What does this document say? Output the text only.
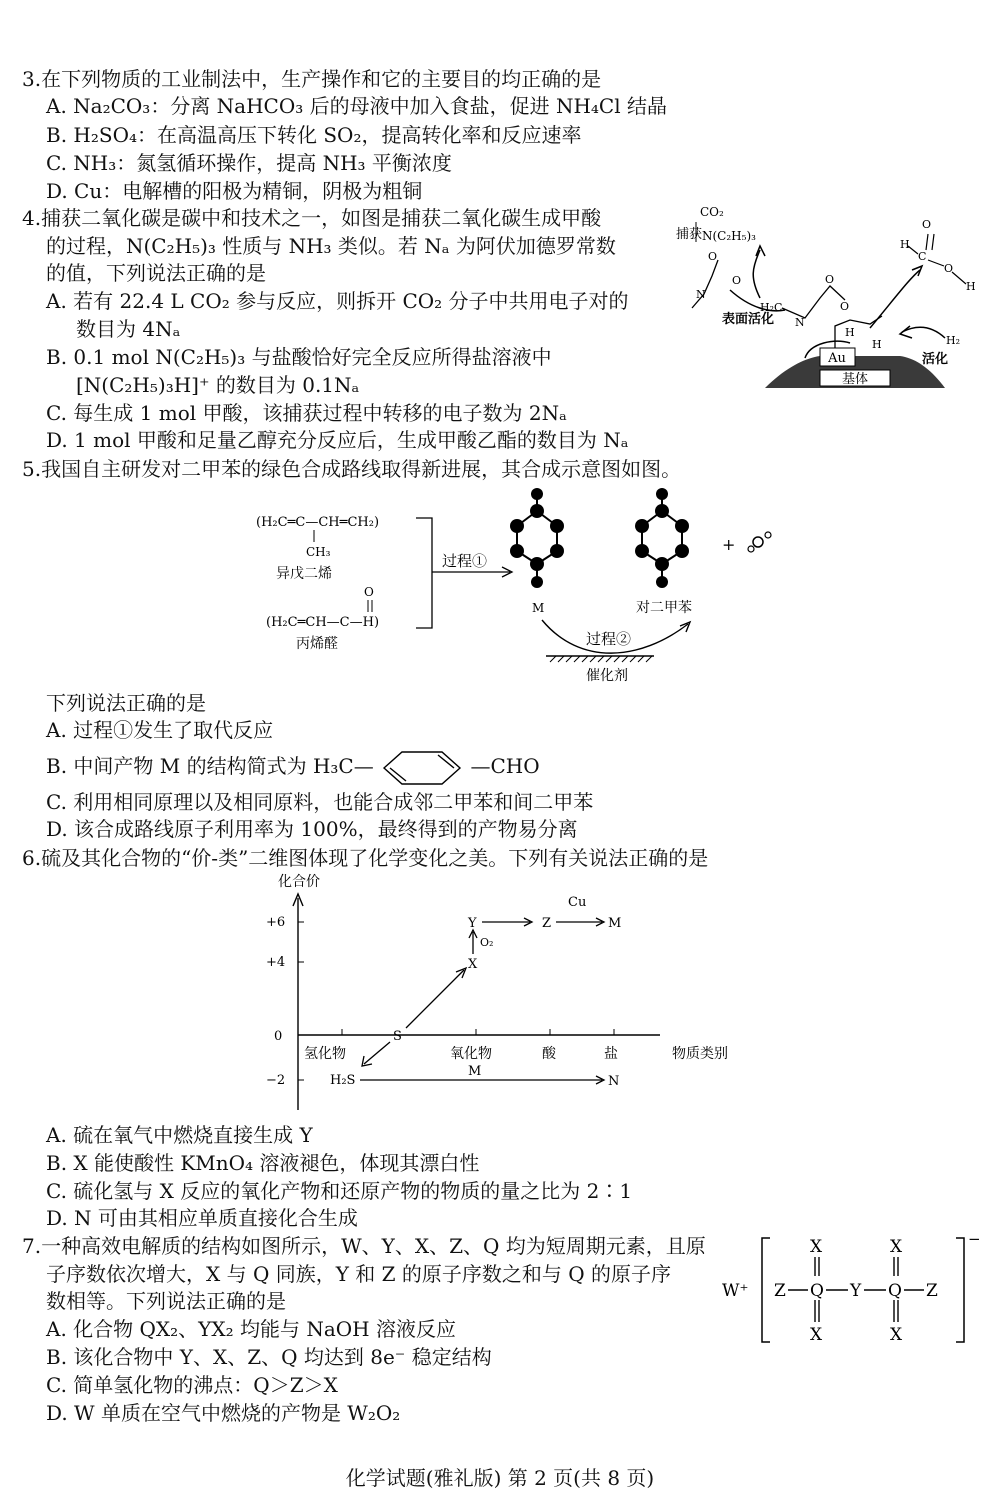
3.在下列物质的工业制法中，生产操作和它的主要目的均正确的是
A. Na₂CO₃：分离 NaHCO₃ 后的母液中加入食盐，促进 NH₄Cl 结晶
B. H₂SO₄：在高温高压下转化 SO₂，提高转化率和反应速率
C. NH₃：氮氢循环操作，提高 NH₃ 平衡浓度
D. Cu：电解槽的阳极为精铜，阴极为粗铜
4.捕获二氧化碳是碳中和技术之一，如图是捕获二氧化碳生成甲酸
的过程，N(C₂H₅)₃ 性质与 NH₃ 类似。若 Nₐ 为阿伏加德罗常数
的值，下列说法正确的是
A. 若有 22.4 L CO₂ 参与反应，则拆开 CO₂ 分子中共用电子对的
数目为 4Nₐ
B. 0.1 mol N(C₂H₅)₃ 与盐酸恰好完全反应所得盐溶液中
[N(C₂H₅)₃H]⁺ 的数目为 0.1Nₐ
C. 每生成 1 mol 甲酸，该捕获过程中转移的电子数为 2Nₐ
D. 1 mol 甲酸和足量乙醇充分反应后，生成甲酸乙酯的数目为 Nₐ
基体
Au
CO₂
捕获 N(C₂H₅)₃
O
O
N
H₂C
N
O
O
表面活化
H
H
H
C
O
O
H
H₂
活化
5.我国自主研发对二甲苯的绿色合成路线取得新进展，其合成示意图如图。
(H₂C═C—CH═CH₂)
CH₃
异戊二烯
O
(H₂C═CH—C—H)
丙烯醛
过程①
M	对二甲苯
+
过程②
催化剂
下列说法正确的是
A. 过程①发生了取代反应
B. 中间产物 M 的结构简式为 H₃C—	—CHO
C. 利用相同原理以及相同原料，也能合成邻二甲苯和间二甲苯
D. 该合成路线原子利用率为 100%，最终得到的产物易分离
6.硫及其化合物的“价-类”二维图体现了化学变化之美。下列有关说法正确的是
化合价
+6
+4
0
−2
氢化物	氧化物	酸	盐	物质类别
Y	Z
Cu
M
O₂
X
S
H₂S
M
N
A. 硫在氧气中燃烧直接生成 Y
B. X 能使酸性 KMnO₄ 溶液褪色，体现其漂白性
C. 硫化氢与 X 反应的氧化产物和还原产物的物质的量之比为 2∶1
D. N 可由其相应单质直接化合生成
7.一种高效电解质的结构如图所示，W、Y、X、Z、Q 均为短周期元素，且原
子序数依次增大，X 与 Q 同族，Y 和 Z 的原子序数之和与 Q 的原子序
数相等。下列说法正确的是
A. 化合物 QX₂、YX₂ 均能与 NaOH 溶液反应
B. 该化合物中 Y、X、Z、Q 均达到 8e⁻ 稳定结构
C. 简单氢化物的沸点：Q＞Z＞X
D. W 单质在空气中燃烧的产物是 W₂O₂
W⁺
−
X	X
Z Q Y Q Z
X	X
化学试题(雅礼版) 第 2 页(共 8 页)
